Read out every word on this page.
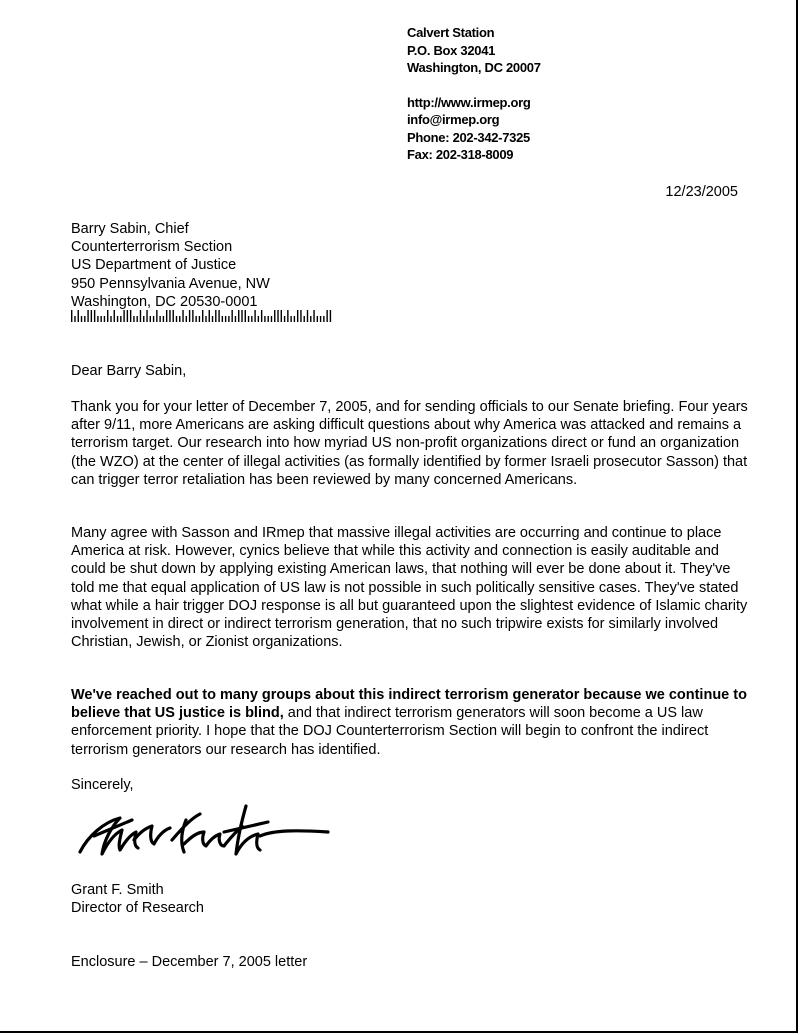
Calvert Station
P.O. Box 32041
Washington, DC 20007
http://www.irmep.org
info@irmep.org
Phone: 202-342-7325
Fax: 202-318-8009
12/23/2005
Barry Sabin, Chief
Counterterrorism Section
US Department of Justice
950 Pennsylvania Avenue, NW
Washington, DC 20530-0001

Dear Barry Sabin,

Thank you for your letter of December 7, 2005, and for sending officials to our Senate briefing. Four years after 9/11, more Americans are asking difficult questions about why America was attacked and remains a terrorism target. Our research into how myriad US non-profit organizations direct or fund an organization (the WZO) at the center of illegal activities (as formally identified by former Israeli prosecutor Sasson) that can trigger terror retaliation has been reviewed by many concerned Americans.

Many agree with Sasson and IRmep that massive illegal activities are occurring and continue to place America at risk. However, cynics believe that while this activity and connection is easily auditable and could be shut down by applying existing American laws, that nothing will ever be done about it. They've told me that equal application of US law is not possible in such politically sensitive cases. They've stated what while a hair trigger DOJ response is all but guaranteed upon the slightest evidence of Islamic charity involvement in direct or indirect terrorism generation, that no such tripwire exists for similarly involved Christian, Jewish, or Zionist organizations.

We've reached out to many groups about this indirect terrorism generator because we continue to believe that US justice is blind, and that indirect terrorism generators will soon become a US law enforcement priority. I hope that the DOJ Counterterrorism Section will begin to confront the indirect terrorism generators our research has identified.

Sincerely,

Grant F. Smith
Director of Research

Enclosure – December 7, 2005 letter
